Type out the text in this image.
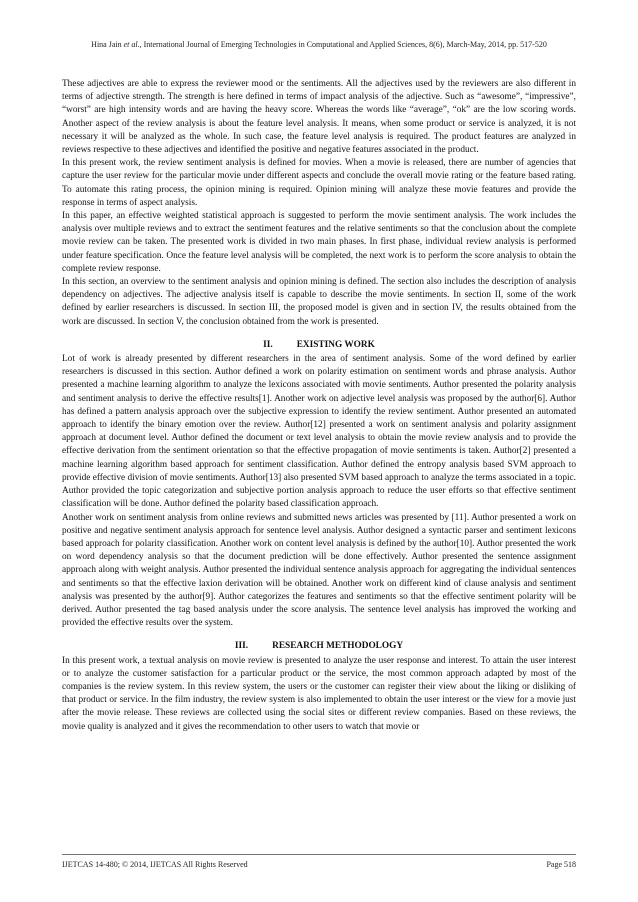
Hina Jain et al., International Journal of Emerging Technologies in Computational and Applied Sciences, 8(6), March-May, 2014, pp. 517-520

These adjectives are able to express the reviewer mood or the sentiments. All the adjectives used by the reviewers are also different in terms of adjective strength. The strength is here defined in terms of impact analysis of the adjective. Such as “awesome”, “impressive”, “worst” are high intensity words and are having the heavy score. Whereas the words like “average”, “ok” are the low scoring words. Another aspect of the review analysis is about the feature level analysis. It means, when some product or service is analyzed, it is not necessary it will be analyzed as the whole. In such case, the feature level analysis is required. The product features are analyzed in reviews respective to these adjectives and identified the positive and negative features associated in the product.

In this present work, the review sentiment analysis is defined for movies. When a movie is released, there are number of agencies that capture the user review for the particular movie under different aspects and conclude the overall movie rating or the feature based rating. To automate this rating process, the opinion mining is required. Opinion mining will analyze these movie features and provide the response in terms of aspect analysis.

In this paper, an effective weighted statistical approach is suggested to perform the movie sentiment analysis. The work includes the analysis over multiple reviews and to extract the sentiment features and the relative sentiments so that the conclusion about the complete movie review can be taken. The presented work is divided in two main phases. In first phase, individual review analysis is performed under feature specification. Once the feature level analysis will be completed, the next work is to perform the score analysis to obtain the complete review response.

In this section, an overview to the sentiment analysis and opinion mining is defined. The section also includes the description of analysis dependency on adjectives. The adjective analysis itself is capable to describe the movie sentiments. In section II, some of the work defined by earlier researchers is discussed. In section III, the proposed model is given and in section IV, the results obtained from the work are discussed. In section V, the conclusion obtained from the work is presented.

II.	EXISTING WORK

Lot of work is already presented by different researchers in the area of sentiment analysis. Some of the word defined by earlier researchers is discussed in this section. Author defined a work on polarity estimation on sentiment words and phrase analysis. Author presented a machine learning algorithm to analyze the lexicons associated with movie sentiments. Author presented the polarity analysis and sentiment analysis to derive the effective results[1]. Another work on adjective level analysis was proposed by the author[6]. Author has defined a pattern analysis approach over the subjective expression to identify the review sentiment. Author presented an automated approach to identify the binary emotion over the review. Author[12] presented a work on sentiment analysis and polarity assignment approach at document level. Author defined the document or text level analysis to obtain the movie review analysis and to provide the effective derivation from the sentiment orientation so that the effective propagation of movie sentiments is taken. Author[2] presented a machine learning algorithm based approach for sentiment classification. Author defined the entropy analysis based SVM approach to provide effective division of movie sentiments. Author[13] also presented SVM based approach to analyze the terms associated in a topic. Author provided the topic categorization and subjective portion analysis approach to reduce the user efforts so that effective sentiment classification will be done. Author defined the polarity based classification approach.

Another work on sentiment analysis from online reviews and submitted news articles was presented by [11]. Author presented a work on positive and negative sentiment analysis approach for sentence level analysis. Author designed a syntactic parser and sentiment lexicons based approach for polarity classification. Another work on content level analysis is defined by the author[10]. Author presented the work on word dependency analysis so that the document prediction will be done effectively. Author presented the sentence assignment approach along with weight analysis. Author presented the individual sentence analysis approach for aggregating the individual sentences and sentiments so that the effective laxion derivation will be obtained. Another work on different kind of clause analysis and sentiment analysis was presented by the author[9]. Author categorizes the features and sentiments so that the effective sentiment polarity will be derived. Author presented the tag based analysis under the score analysis. The sentence level analysis has improved the working and provided the effective results over the system.

III.	RESEARCH METHODOLOGY

In this present work, a textual analysis on movie review is presented to analyze the user response and interest. To attain the user interest or to analyze the customer satisfaction for a particular product or the service, the most common approach adapted by most of the companies is the review system. In this review system, the users or the customer can register their view about the liking or disliking of that product or service. In the film industry, the review system is also implemented to obtain the user interest or the view for a movie just after the movie release. These reviews are collected using the social sites or different review companies. Based on these reviews, the movie quality is analyzed and it gives the recommendation to other users to watch that movie or

IJETCAS 14-480; © 2014, IJETCAS All Rights Reserved	Page 518
